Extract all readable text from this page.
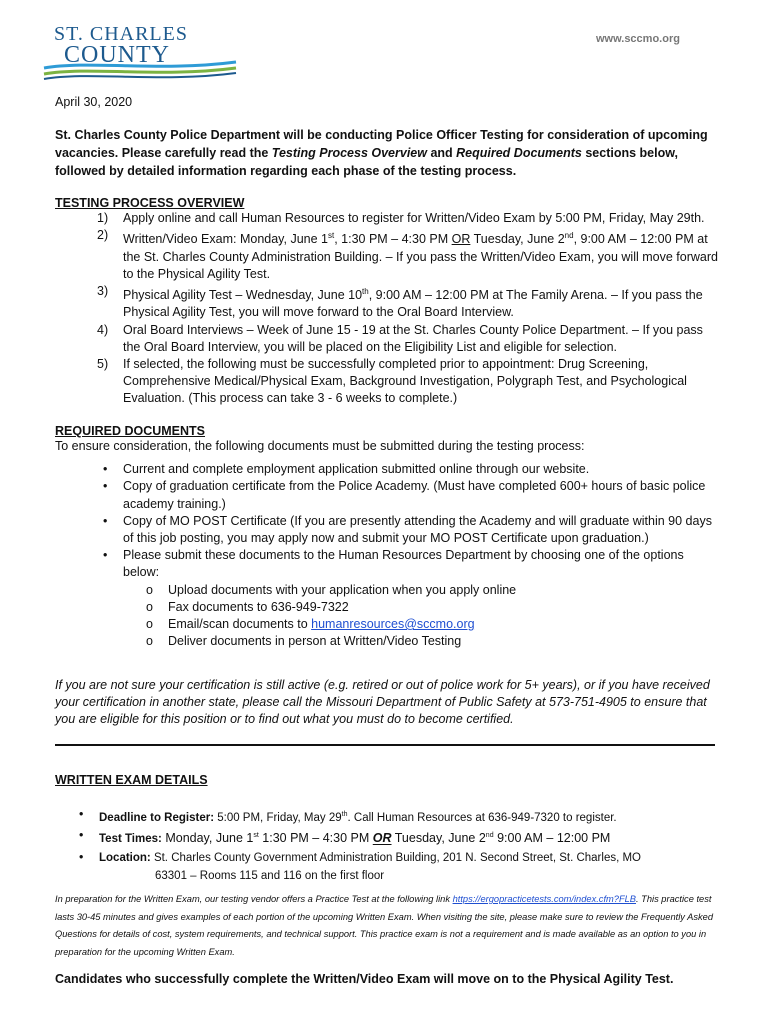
ST. CHARLES
COUNTY
www.sccmo.org
April 30, 2020
St. Charles County Police Department will be conducting Police Officer Testing for consideration of upcoming vacancies. Please carefully read the Testing Process Overview and Required Documents sections below, followed by detailed information regarding each phase of the testing process.
TESTING PROCESS OVERVIEW
1) Apply online and call Human Resources to register for Written/Video Exam by 5:00 PM, Friday, May 29th.
2) Written/Video Exam: Monday, June 1st, 1:30 PM – 4:30 PM OR Tuesday, June 2nd, 9:00 AM – 12:00 PM at the St. Charles County Administration Building. – If you pass the Written/Video Exam, you will move forward to the Physical Agility Test.
3) Physical Agility Test – Wednesday, June 10th, 9:00 AM – 12:00 PM at The Family Arena. – If you pass the Physical Agility Test, you will move forward to the Oral Board Interview.
4) Oral Board Interviews – Week of June 15 - 19 at the St. Charles County Police Department. – If you pass the Oral Board Interview, you will be placed on the Eligibility List and eligible for selection.
5) If selected, the following must be successfully completed prior to appointment: Drug Screening, Comprehensive Medical/Physical Exam, Background Investigation, Polygraph Test, and Psychological Evaluation. (This process can take 3 - 6 weeks to complete.)
REQUIRED DOCUMENTS
To ensure consideration, the following documents must be submitted during the testing process:
• Current and complete employment application submitted online through our website.
• Copy of graduation certificate from the Police Academy. (Must have completed 600+ hours of basic police academy training.)
• Copy of MO POST Certificate (If you are presently attending the Academy and will graduate within 90 days of this job posting, you may apply now and submit your MO POST Certificate upon graduation.)
• Please submit these documents to the Human Resources Department by choosing one of the options below:
o Upload documents with your application when you apply online
o Fax documents to 636-949-7322
o Email/scan documents to humanresources@sccmo.org
o Deliver documents in person at Written/Video Testing
If you are not sure your certification is still active (e.g. retired or out of police work for 5+ years), or if you have received your certification in another state, please call the Missouri Department of Public Safety at 573-751-4905 to ensure that you are eligible for this position or to find out what you must do to become certified.
WRITTEN EXAM DETAILS
• Deadline to Register: 5:00 PM, Friday, May 29th. Call Human Resources at 636-949-7320 to register.
• Test Times: Monday, June 1st 1:30 PM – 4:30 PM OR Tuesday, June 2nd 9:00 AM – 12:00 PM
• Location: St. Charles County Government Administration Building, 201 N. Second Street, St. Charles, MO
63301 – Rooms 115 and 116 on the first floor
In preparation for the Written Exam, our testing vendor offers a Practice Test at the following link https://ergopracticetests.com/index.cfm?FLB. This practice test lasts 30-45 minutes and gives examples of each portion of the upcoming Written Exam. When visiting the site, please make sure to review the Frequently Asked Questions for details of cost, system requirements, and technical support. This practice exam is not a requirement and is made available as an option to you in preparation for the upcoming Written Exam.
Candidates who successfully complete the Written/Video Exam will move on to the Physical Agility Test.
